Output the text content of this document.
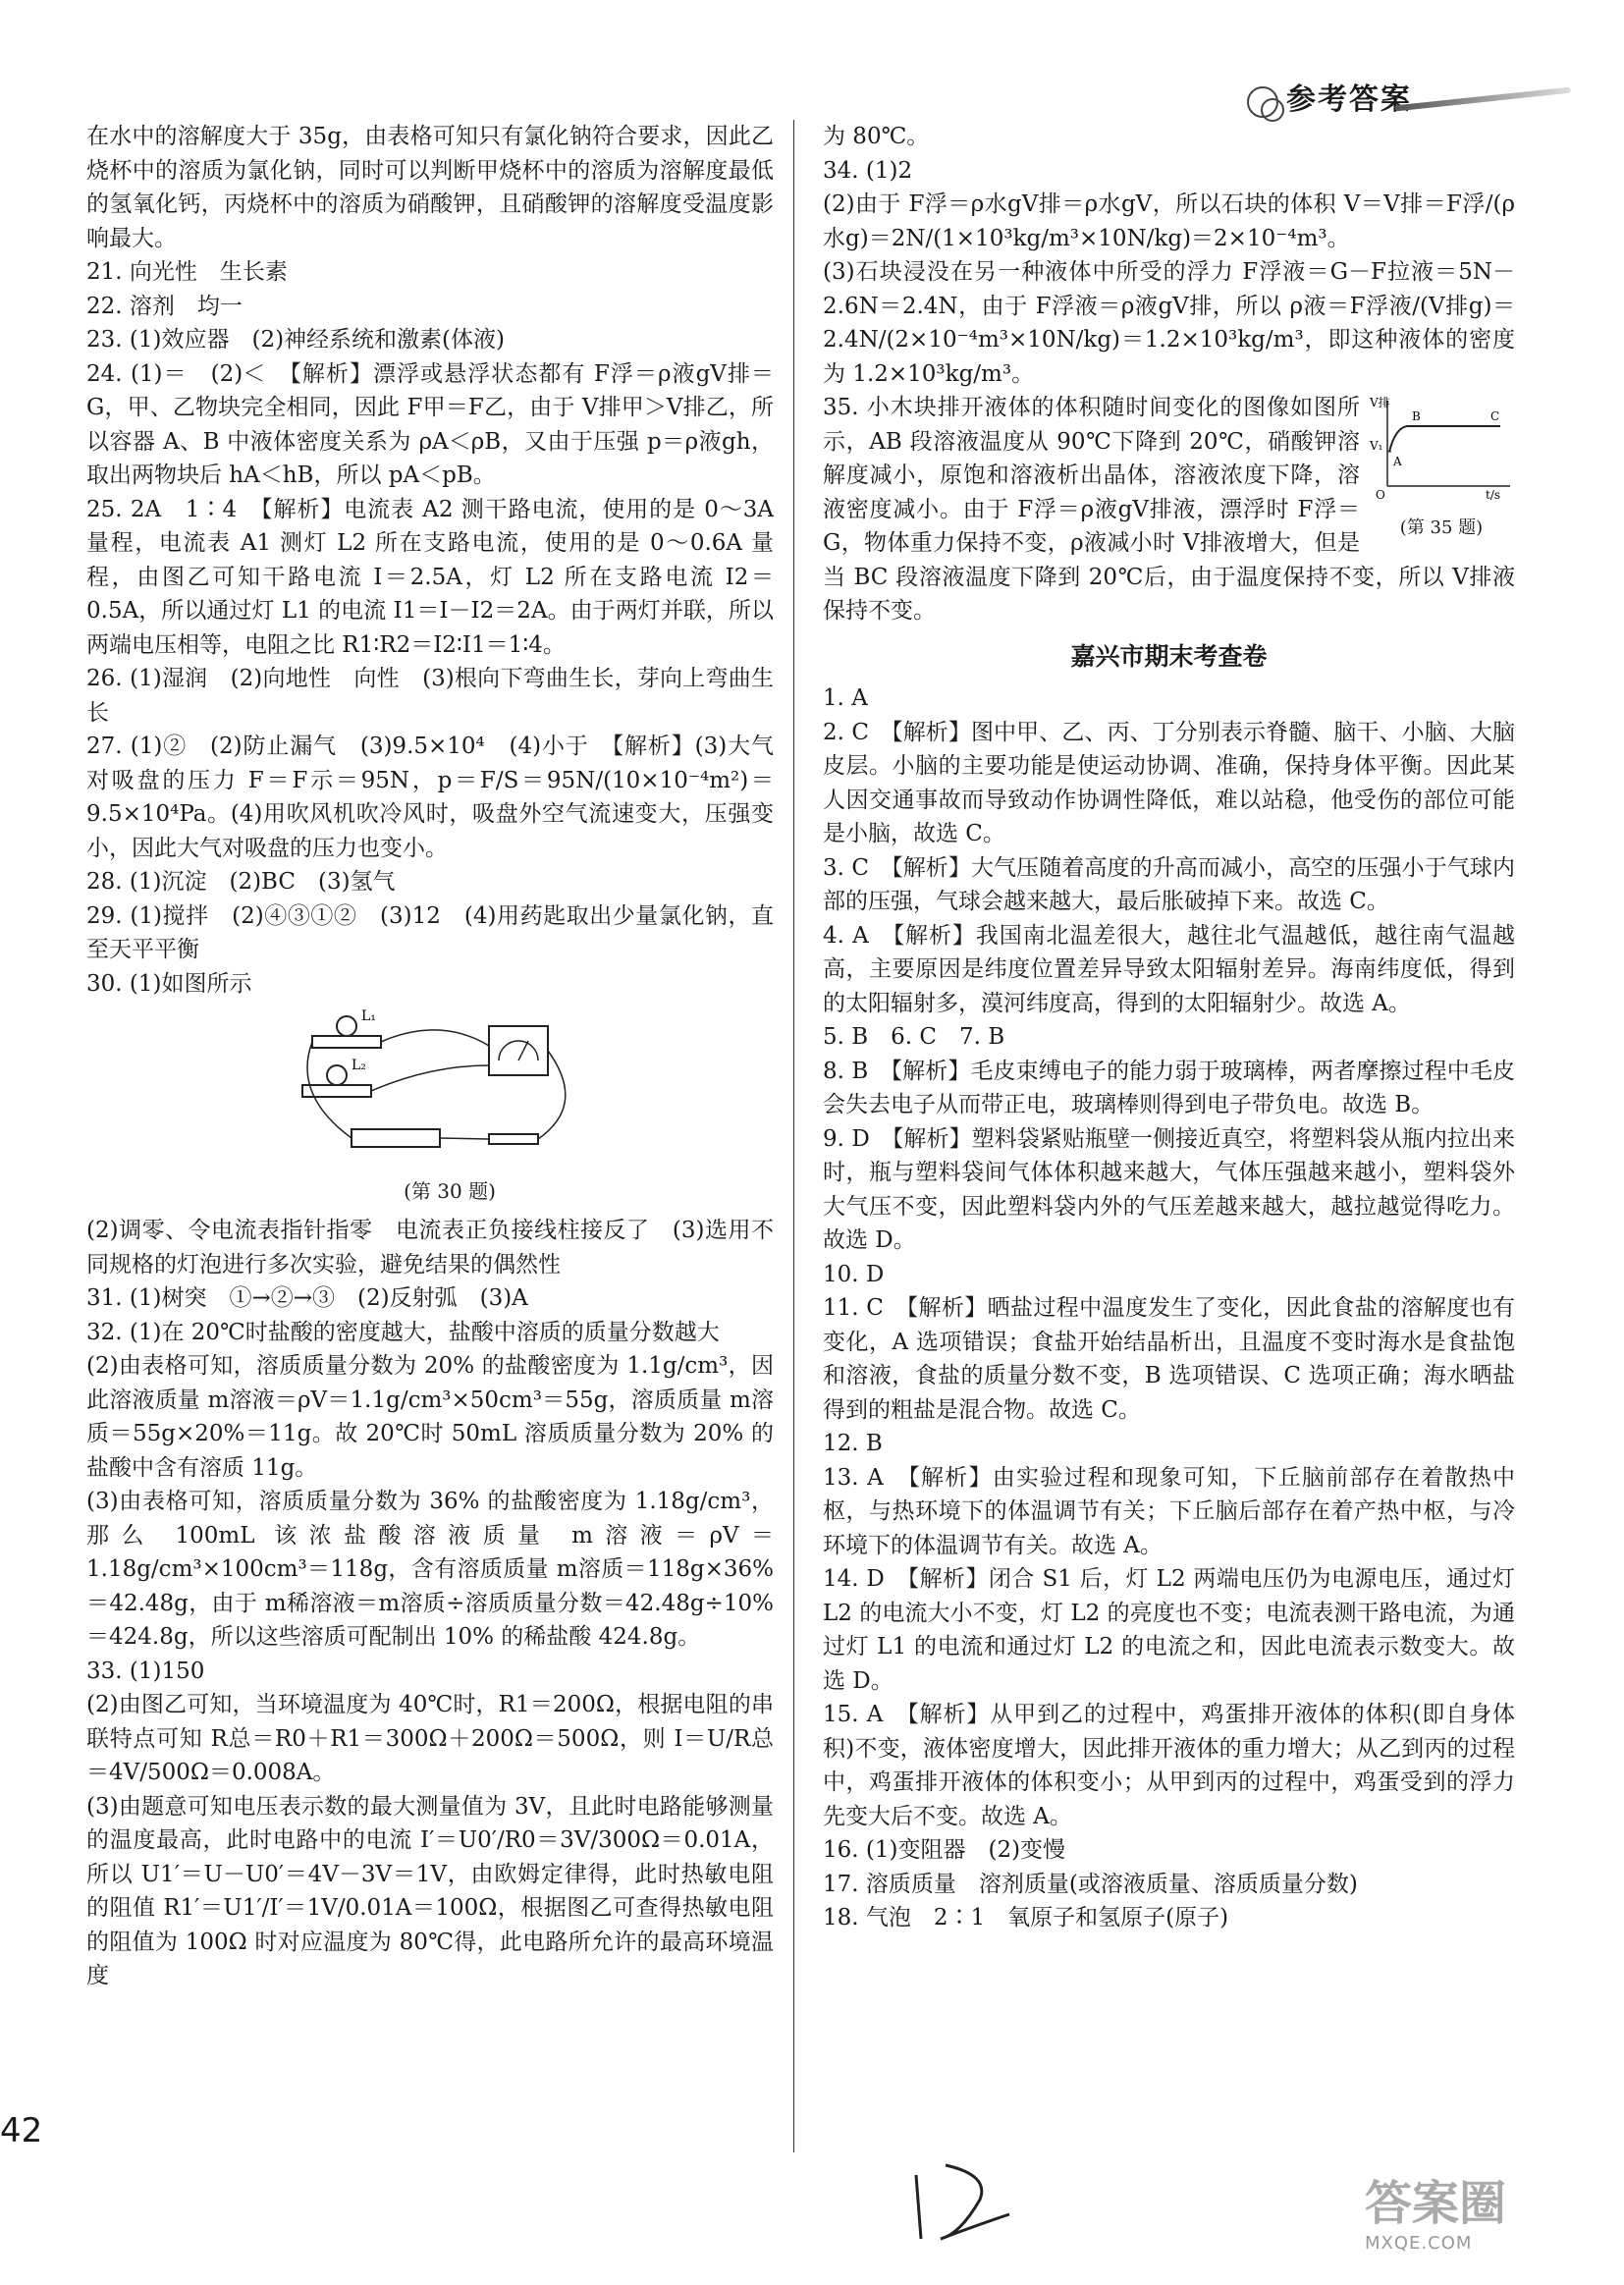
参考答案

在水中的溶解度大于 35g，由表格可知只有氯化钠符合要求，因此乙烧杯中的溶质为氯化钠，同时可以判断甲烧杯中的溶质为溶解度最低的氢氧化钙，丙烧杯中的溶质为硝酸钾，且硝酸钾的溶解度受温度影响最大。

21. 向光性　生长素

22. 溶剂　均一

23. (1)效应器　(2)神经系统和激素(体液)

24. (1)＝　(2)＜　【解析】漂浮或悬浮状态都有 F浮＝ρ液gV排＝G，甲、乙物块完全相同，因此 F甲＝F乙，由于 V排甲＞V排乙，所以容器 A、B 中液体密度关系为 ρA＜ρB，又由于压强 p＝ρ液gh，取出两物块后 hA＜hB，所以 pA＜pB。

25. 2A　1∶4　【解析】电流表 A2 测干路电流，使用的是 0～3A 量程，电流表 A1 测灯 L2 所在支路电流，使用的是 0～0.6A 量程，由图乙可知干路电流 I＝2.5A，灯 L2 所在支路电流 I2＝0.5A，所以通过灯 L1 的电流 I1＝I－I2＝2A。由于两灯并联，所以两端电压相等，电阻之比 R1∶R2＝I2∶I1＝1∶4。

26. (1)湿润　(2)向地性　向性　(3)根向下弯曲生长，芽向上弯曲生长

27. (1)②　(2)防止漏气　(3)9.5×10⁴　(4)小于　【解析】(3)大气对吸盘的压力 F＝F示＝95N，p＝F/S＝95N/(10×10⁻⁴m²)＝9.5×10⁴Pa。(4)用吹风机吹冷风时，吸盘外空气流速变大，压强变小，因此大气对吸盘的压力也变小。

28. (1)沉淀　(2)BC　(3)氢气

29. (1)搅拌　(2)④③①②　(3)12　(4)用药匙取出少量氯化钠，直至天平平衡

30. (1)如图所示

L₁
L₂
(第 30 题)

(2)调零、令电流表指针指零　电流表正负接线柱接反了　(3)选用不同规格的灯泡进行多次实验，避免结果的偶然性

31. (1)树突　①→②→③　(2)反射弧　(3)A

32. (1)在 20℃时盐酸的密度越大，盐酸中溶质的质量分数越大

(2)由表格可知，溶质质量分数为 20% 的盐酸密度为 1.1g/cm³，因此溶液质量 m溶液＝ρV＝1.1g/cm³×50cm³＝55g，溶质质量 m溶质＝55g×20%＝11g。故 20℃时 50mL 溶质质量分数为 20% 的盐酸中含有溶质 11g。

(3)由表格可知，溶质质量分数为 36% 的盐酸密度为 1.18g/cm³，那么 100mL 该浓盐酸溶液质量 m溶液＝ρV＝1.18g/cm³×100cm³＝118g，含有溶质质量 m溶质＝118g×36%＝42.48g，由于 m稀溶液＝m溶质÷溶质质量分数＝42.48g÷10%＝424.8g，所以这些溶质可配制出 10% 的稀盐酸 424.8g。

33. (1)150

(2)由图乙可知，当环境温度为 40℃时，R1＝200Ω，根据电阻的串联特点可知 R总＝R0＋R1＝300Ω＋200Ω＝500Ω，则 I＝U/R总＝4V/500Ω＝0.008A。

(3)由题意可知电压表示数的最大测量值为 3V，且此时电路能够测量的温度最高，此时电路中的电流 I′＝U0′/R0＝3V/300Ω＝0.01A，所以 U1′＝U－U0′＝4V－3V＝1V，由欧姆定律得，此时热敏电阻的阻值 R1′＝U1′/I′＝1V/0.01A＝100Ω，根据图乙可查得热敏电阻的阻值为 100Ω 时对应温度为 80℃得，此电路所允许的最高环境温度

为 80℃。

34. (1)2

(2)由于 F浮＝ρ水gV排＝ρ水gV，所以石块的体积 V＝V排＝F浮/(ρ水g)＝2N/(1×10³kg/m³×10N/kg)＝2×10⁻⁴m³。

(3)石块浸没在另一种液体中所受的浮力 F浮液＝G－F拉液＝5N－2.6N＝2.4N，由于 F浮液＝ρ液gV排，所以 ρ液＝F浮液/(V排g)＝2.4N/(2×10⁻⁴m³×10N/kg)＝1.2×10³kg/m³，即这种液体的密度为 1.2×10³kg/m³。

V排
t/s
O
V₁
A
B	C
(第 35 题)

35. 小木块排开液体的体积随时间变化的图像如图所示，AB 段溶液温度从 90℃下降到 20℃，硝酸钾溶解度减小，原饱和溶液析出晶体，溶液浓度下降，溶液密度减小。由于 F浮＝ρ液gV排液，漂浮时 F浮＝G，物体重力保持不变，ρ液减小时 V排液增大，但是当 BC 段溶液温度下降到 20℃后，由于温度保持不变，所以 V排液保持不变。

嘉兴市期末考查卷

1. A

2. C　【解析】图中甲、乙、丙、丁分别表示脊髓、脑干、小脑、大脑皮层。小脑的主要功能是使运动协调、准确，保持身体平衡。因此某人因交通事故而导致动作协调性降低，难以站稳，他受伤的部位可能是小脑，故选 C。

3. C　【解析】大气压随着高度的升高而减小，高空的压强小于气球内部的压强，气球会越来越大，最后胀破掉下来。故选 C。

4. A　【解析】我国南北温差很大，越往北气温越低，越往南气温越高，主要原因是纬度位置差异导致太阳辐射差异。海南纬度低，得到的太阳辐射多，漠河纬度高，得到的太阳辐射少。故选 A。

5. B　6. C　7. B

8. B　【解析】毛皮束缚电子的能力弱于玻璃棒，两者摩擦过程中毛皮会失去电子从而带正电，玻璃棒则得到电子带负电。故选 B。

9. D　【解析】塑料袋紧贴瓶壁一侧接近真空，将塑料袋从瓶内拉出来时，瓶与塑料袋间气体体积越来越大，气体压强越来越小，塑料袋外大气压不变，因此塑料袋内外的气压差越来越大，越拉越觉得吃力。故选 D。

10. D

11. C　【解析】晒盐过程中温度发生了变化，因此食盐的溶解度也有变化，A 选项错误；食盐开始结晶析出，且温度不变时海水是食盐饱和溶液，食盐的质量分数不变，B 选项错误、C 选项正确；海水晒盐得到的粗盐是混合物。故选 C。

12. B

13. A　【解析】由实验过程和现象可知，下丘脑前部存在着散热中枢，与热环境下的体温调节有关；下丘脑后部存在着产热中枢，与冷环境下的体温调节有关。故选 A。

14. D　【解析】闭合 S1 后，灯 L2 两端电压仍为电源电压，通过灯 L2 的电流大小不变，灯 L2 的亮度也不变；电流表测干路电流，为通过灯 L1 的电流和通过灯 L2 的电流之和，因此电流表示数变大。故选 D。

15. A　【解析】从甲到乙的过程中，鸡蛋排开液体的体积(即自身体积)不变，液体密度增大，因此排开液体的重力增大；从乙到丙的过程中，鸡蛋排开液体的体积变小；从甲到丙的过程中，鸡蛋受到的浮力先变大后不变。故选 A。

16. (1)变阻器　(2)变慢

17. 溶质质量　溶剂质量(或溶液质量、溶质质量分数)

18. 气泡　2∶1　氧原子和氢原子(原子)

42
答案圈
MXQE.COM
